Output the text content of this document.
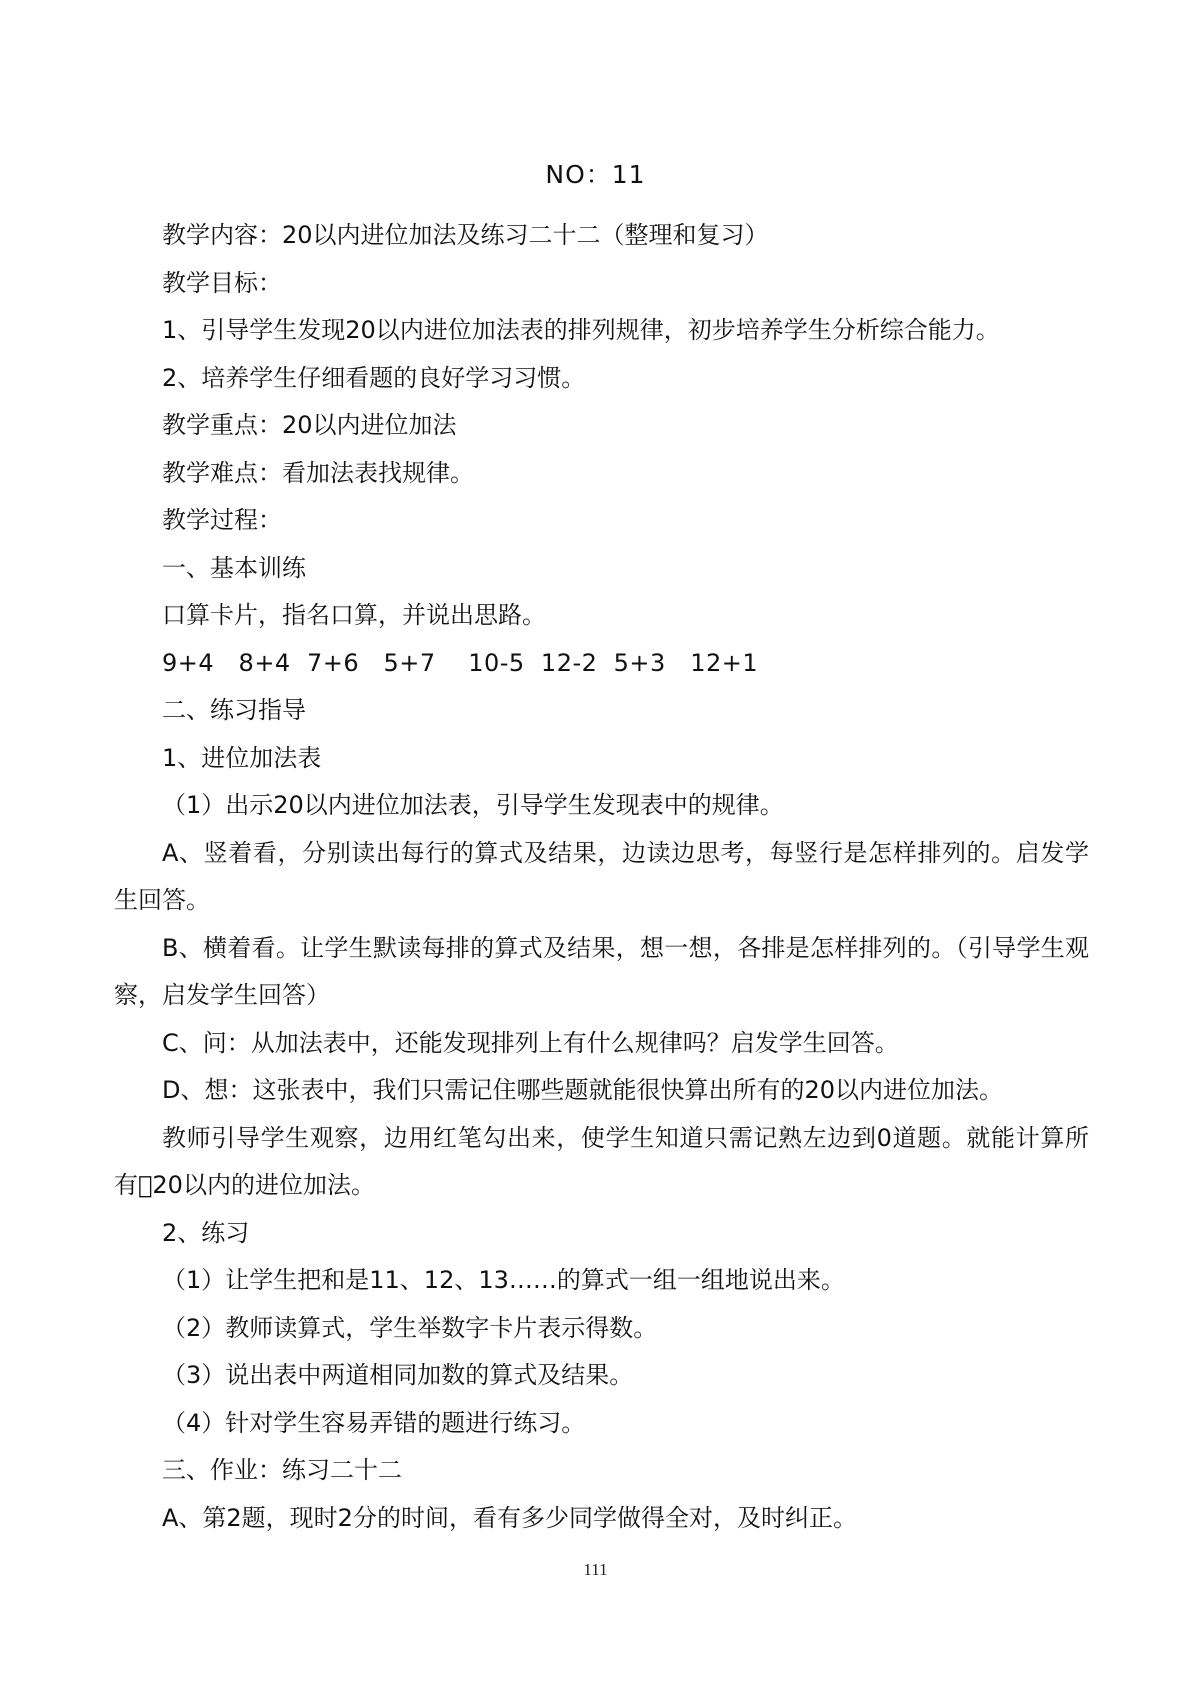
NO：11

教学内容：20以内进位加法及练习二十二（整理和复习）

教学目标：

1、引导学生发现20以内进位加法表的排列规律，初步培养学生分析综合能力。

2、培养学生仔细看题的良好学习习惯。

教学重点：20以内进位加法

教学难点：看加法表找规律。

教学过程：

一、基本训练

口算卡片，指名口算，并说出思路。

9+4 8+4 7+6 5+7 10-5 12-2 5+3 12+1

二、练习指导

1、进位加法表

（1）出示20以内进位加法表，引导学生发现表中的规律。

A、竖着看，分别读出每行的算式及结果，边读边思考，每竖行是怎样排列的。启发学生回答。

B、横着看。让学生默读每排的算式及结果，想一想，各排是怎样排列的。（引导学生观察，启发学生回答）

C、问：从加法表中，还能发现排列上有什么规律吗？启发学生回答。

D、想：这张表中，我们只需记住哪些题就能很快算出所有的20以内进位加法。

教师引导学生观察，边用红笔勾出来，使学生知道只需记熟左边到0道题。就能计算所有 20以内的进位加法。

2、练习

（1）让学生把和是11、12、13……的算式一组一组地说出来。

（2）教师读算式，学生举数字卡片表示得数。

（3）说出表中两道相同加数的算式及结果。

（4）针对学生容易弄错的题进行练习。

三、作业：练习二十二

A、第2题，现时2分的时间，看有多少同学做得全对，及时纠正。

111
